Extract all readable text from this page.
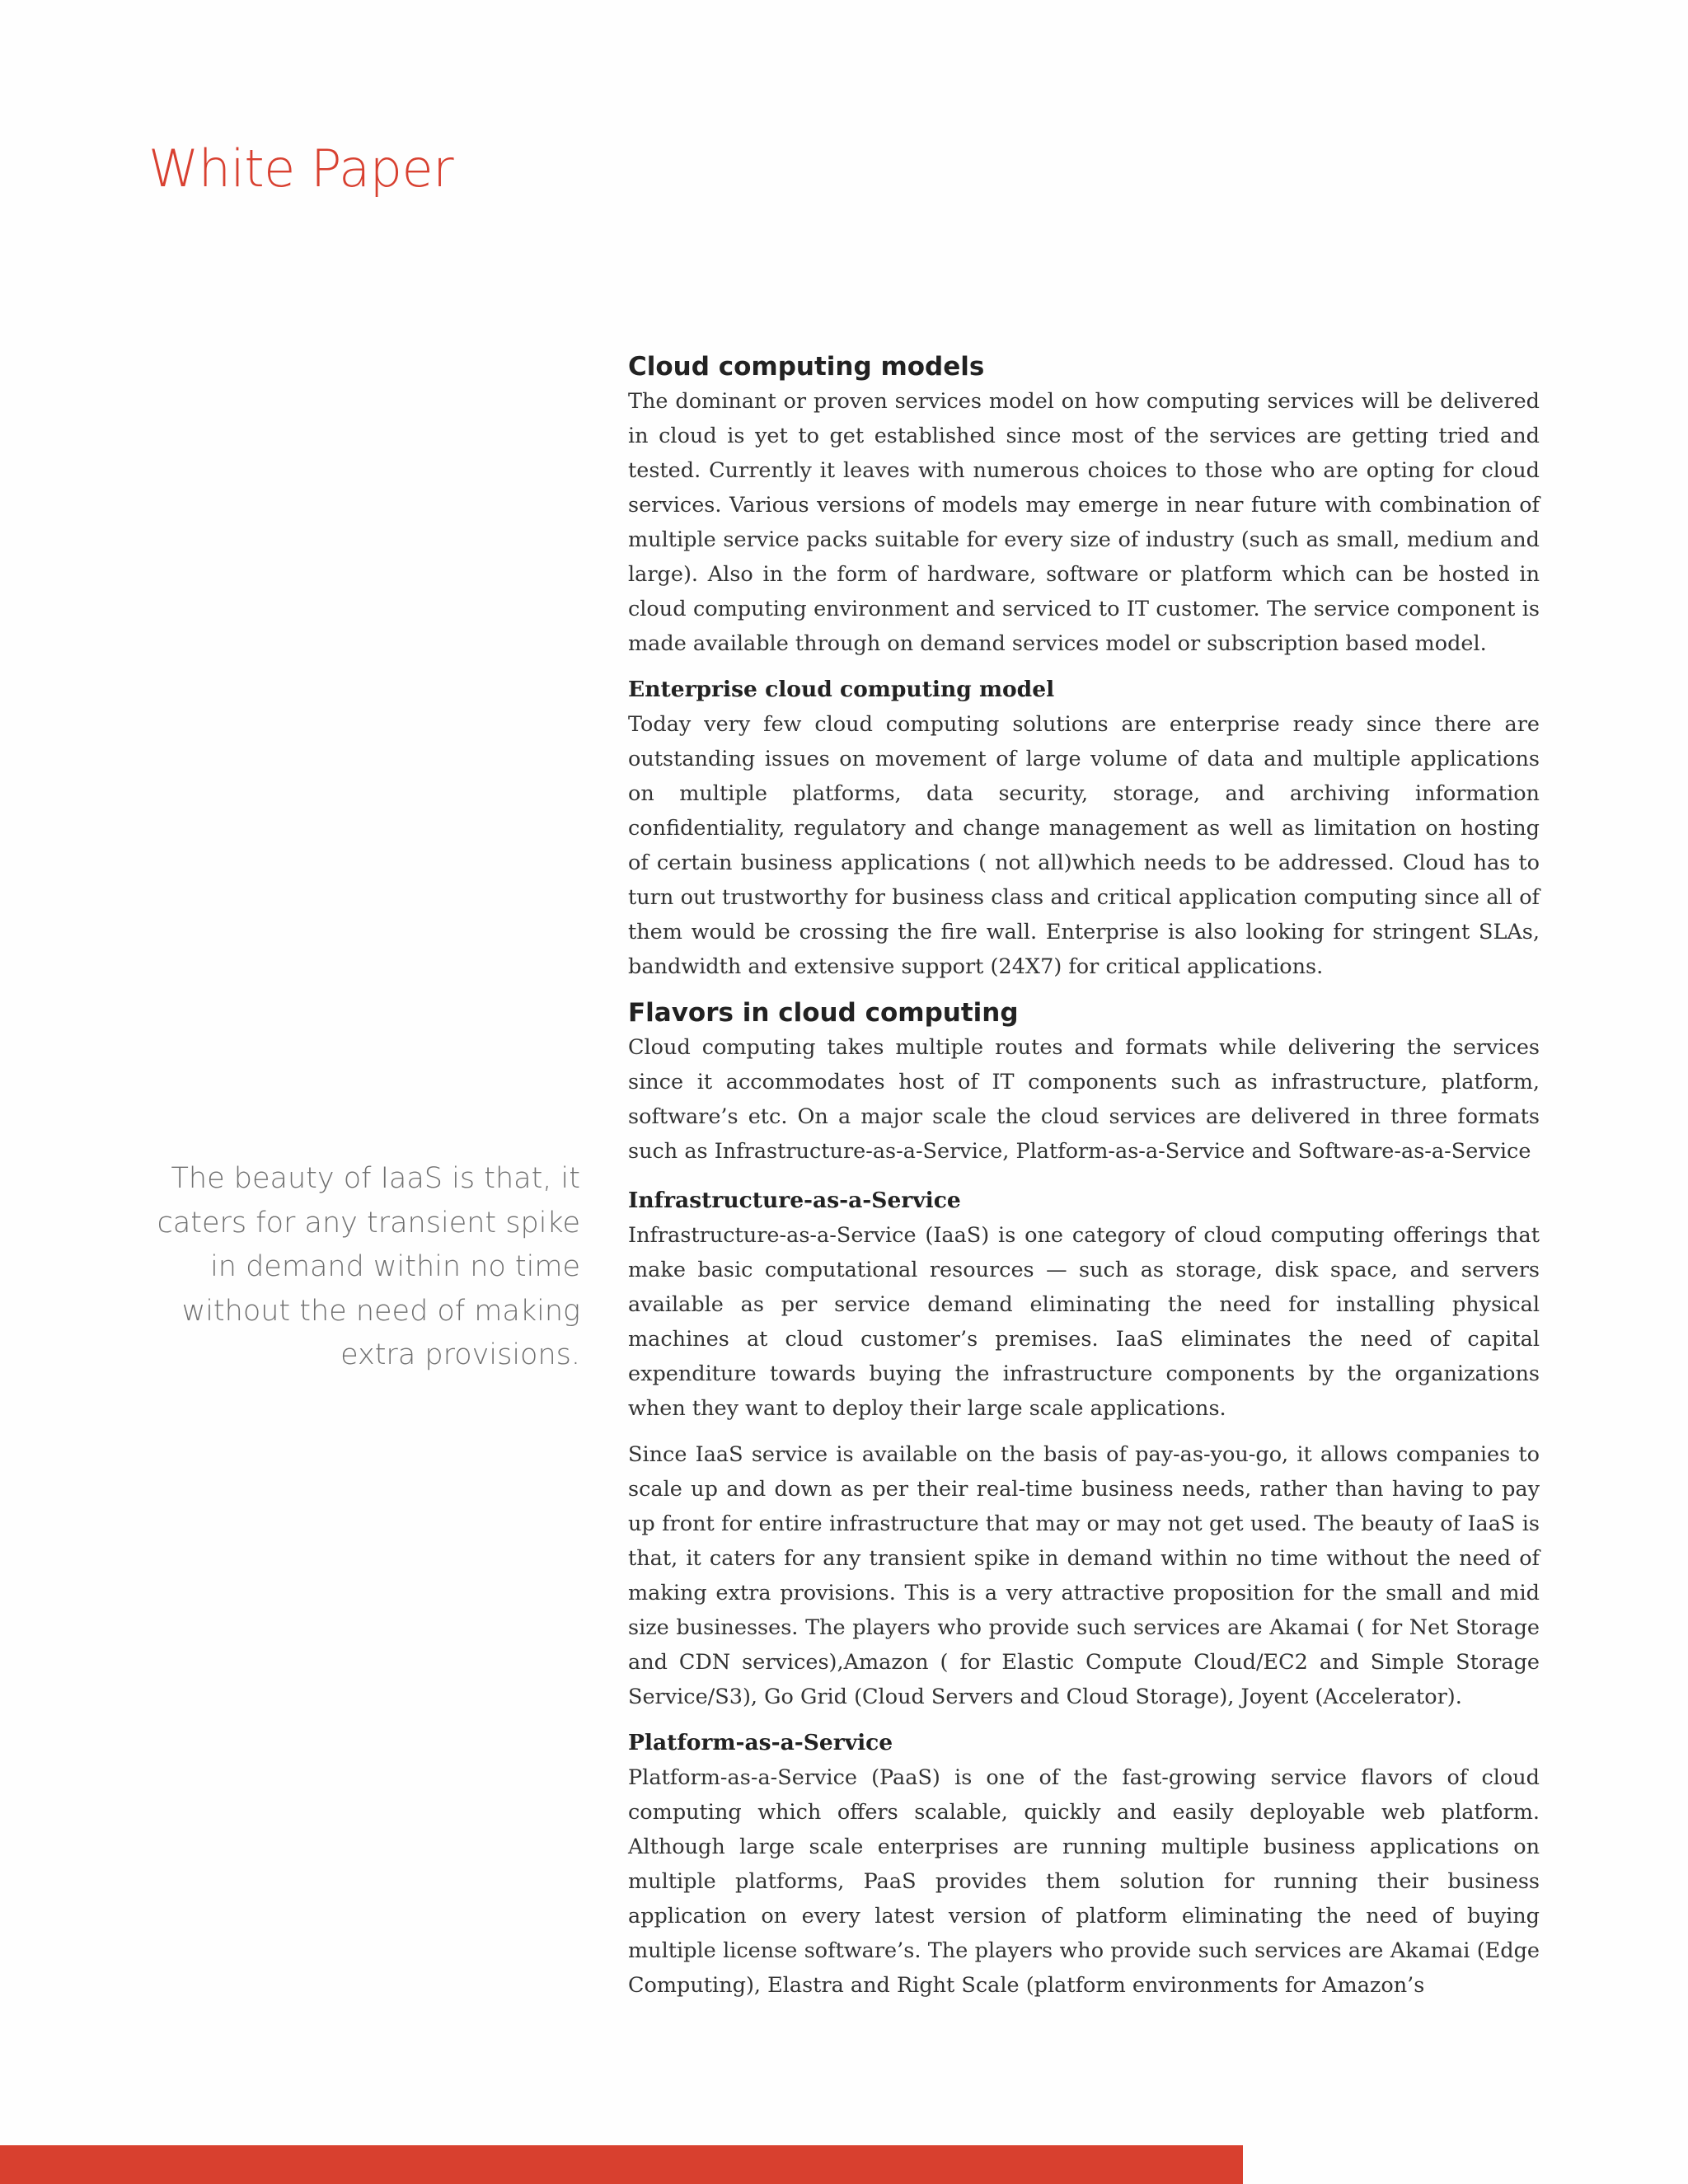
White Paper
The beauty of IaaS is that, it caters for any transient spike in demand within no time without the need of making extra provisions.
Cloud computing models

The dominant or proven services model on how computing services will be delivered in cloud is yet to get established since most of the services are getting tried and tested. Currently it leaves with numerous choices to those who are opting for cloud services. Various versions of models may emerge in near future with combination of multiple service packs suitable for every size of industry (such as small, medium and large). Also in the form of hardware, software or platform which can be hosted in cloud computing environment and serviced to IT customer. The service component is made available through on demand services model or subscription based model.

Enterprise cloud computing model

Today very few cloud computing solutions are enterprise ready since there are outstanding issues on movement of large volume of data and multiple applications on multiple platforms, data security, storage, and archiving information confidentiality, regulatory and change management as well as limitation on hosting of certain business applications ( not all)which needs to be addressed. Cloud has to turn out trustworthy for business class and critical application computing since all of them would be crossing the fire wall. Enterprise is also looking for stringent SLAs, bandwidth and extensive support (24X7) for critical applications.

Flavors in cloud computing

Cloud computing takes multiple routes and formats while delivering the services since it accommodates host of IT components such as infrastructure, platform, software’s etc. On a major scale the cloud services are delivered in three formats such as Infrastructure-as-a-Service, Platform-as-a-Service and Software-as-a-Service

Infrastructure-as-a-Service

Infrastructure-as-a-Service (IaaS) is one category of cloud computing offerings that make basic computational resources — such as storage, disk space, and servers available as per service demand eliminating the need for installing physical machines at cloud customer’s premises. IaaS eliminates the need of capital expenditure towards buying the infrastructure components by the organizations when they want to deploy their large scale applications.

Since IaaS service is available on the basis of pay-as-you-go, it allows companies to scale up and down as per their real-time business needs, rather than having to pay up front for entire infrastructure that may or may not get used. The beauty of IaaS is that, it caters for any transient spike in demand within no time without the need of making extra provisions. This is a very attractive proposition for the small and mid size businesses. The players who provide such services are Akamai ( for Net Storage and CDN services),Amazon ( for Elastic Compute Cloud/EC2 and Simple Storage Service/S3), Go Grid (Cloud Servers and Cloud Storage), Joyent (Accelerator).

Platform-as-a-Service

Platform-as-a-Service (PaaS) is one of the fast-growing service flavors of cloud computing which offers scalable, quickly and easily deployable web platform. Although large scale enterprises are running multiple business applications on multiple platforms, PaaS provides them solution for running their business application on every latest version of platform eliminating the need of buying multiple license software’s. The players who provide such services are Akamai (Edge Computing), Elastra and Right Scale (platform environments for Amazon’s
